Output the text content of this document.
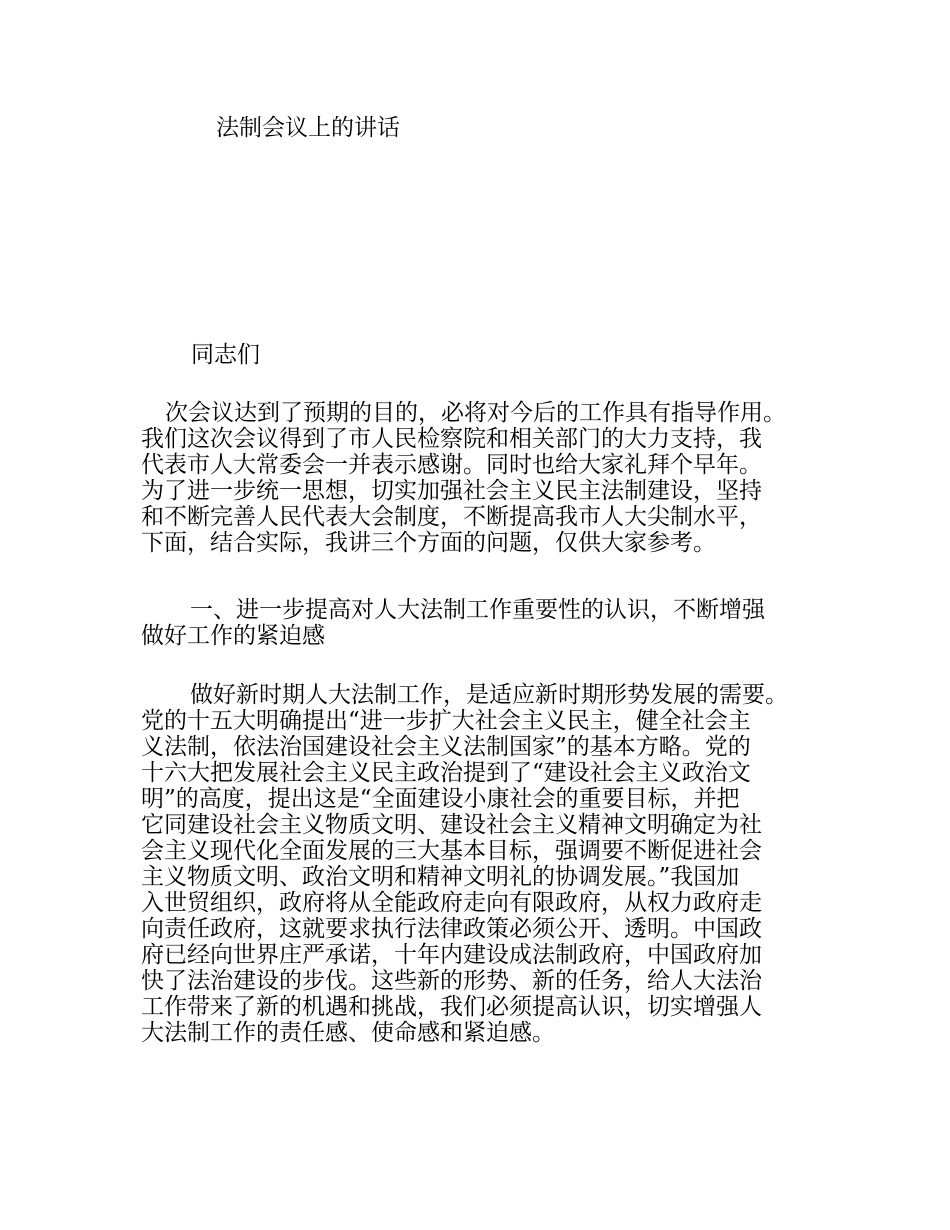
法制会议上的讲话
同志们
次会议达到了预期的目的，必将对今后的工作具有指导作用。
我们这次会议得到了市人民检察院和相关部门的大力支持，我
代表市人大常委会一并表示感谢。同时也给大家礼拜个早年。
为了进一步统一思想，切实加强社会主义民主法制建设，坚持
和不断完善人民代表大会制度，不断提高我市人大尖制水平，
下面，结合实际，我讲三个方面的问题，仅供大家参考。
一、进一步提高对人大法制工作重要性的认识，不断增强
做好工作的紧迫感
做好新时期人大法制工作，是适应新时期形势发展的需要。
党的十五大明确提出“进一步扩大社会主义民主，健全社会主
义法制，依法治国建设社会主义法制国家”的基本方略。党的
十六大把发展社会主义民主政治提到了“建设社会主义政治文
明”的高度，提出这是“全面建设小康社会的重要目标，并把
它同建设社会主义物质文明、建设社会主义精神文明确定为社
会主义现代化全面发展的三大基本目标，强调要不断促进社会
主义物质文明、政治文明和精神文明礼的协调发展。”我国加
入世贸组织，政府将从全能政府走向有限政府，从权力政府走
向责任政府，这就要求执行法律政策必须公开、透明。中国政
府已经向世界庄严承诺，十年内建设成法制政府，中国政府加
快了法治建设的步伐。这些新的形势、新的任务，给人大法治
工作带来了新的机遇和挑战，我们必须提高认识，切实增强人
大法制工作的责任感、使命感和紧迫感。
